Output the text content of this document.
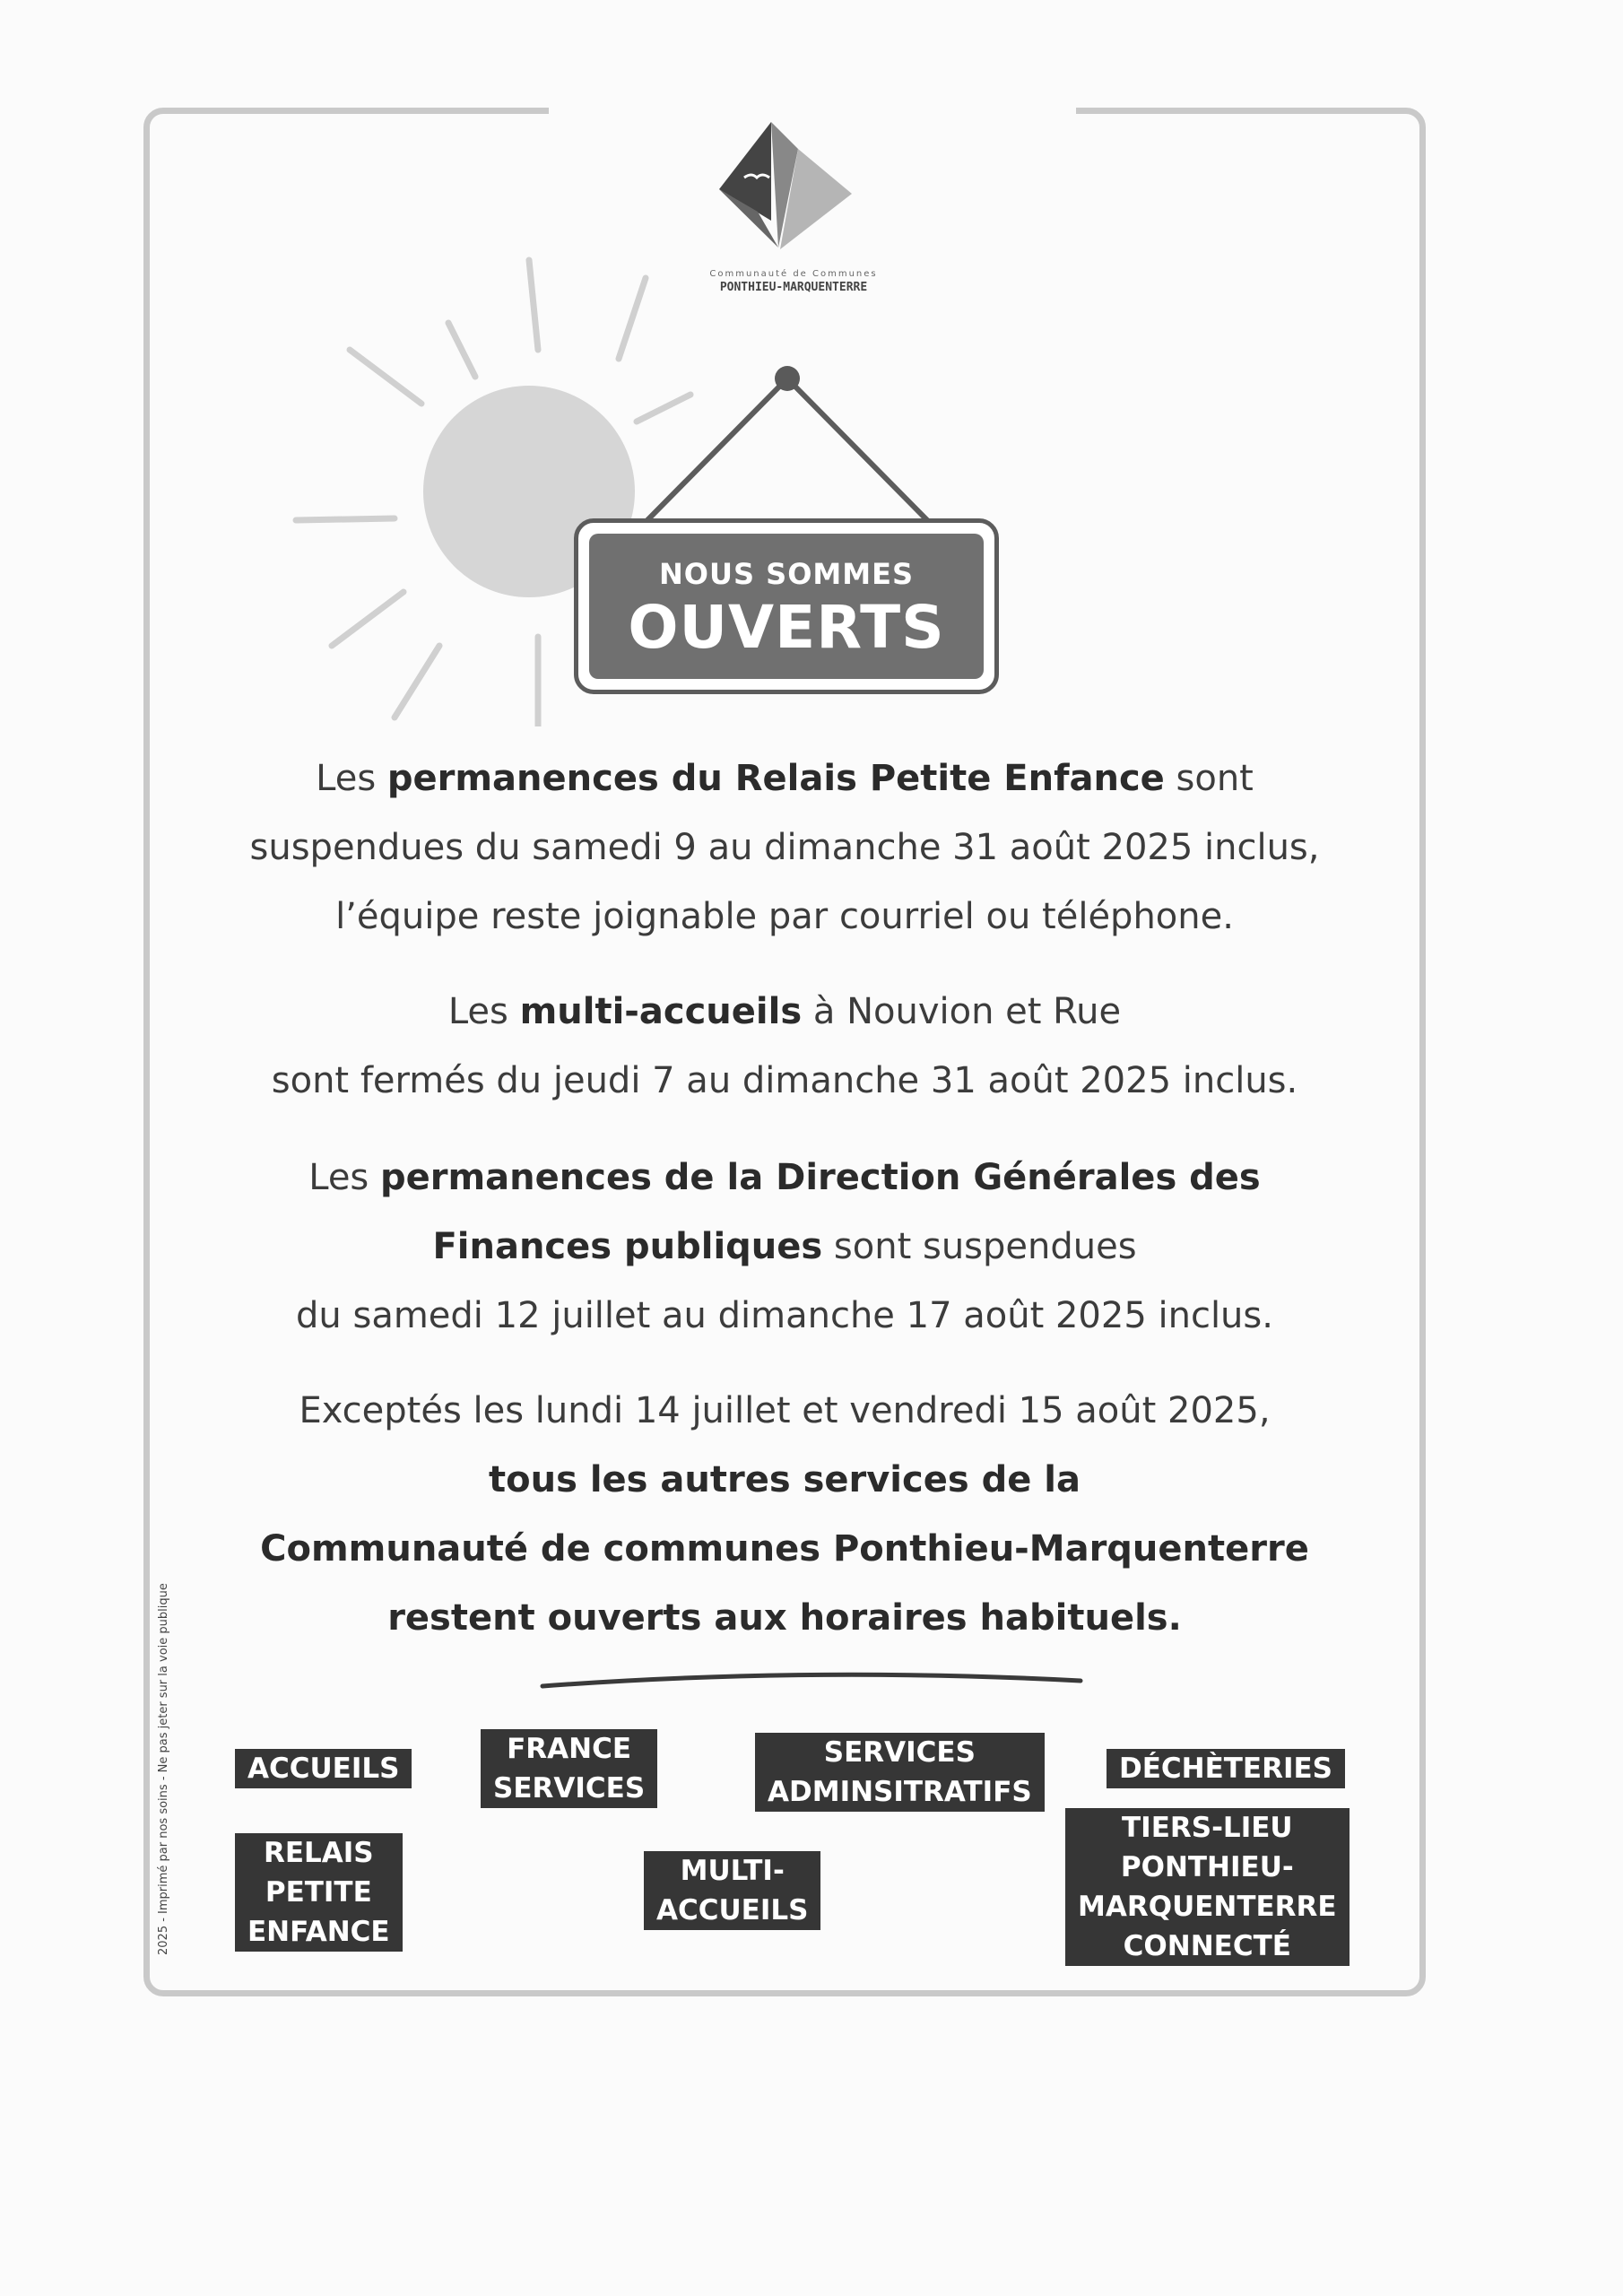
Communauté de Communes
PONTHIEU-MARQUENTERRE
NOUS SOMMES
OUVERTS
Les permanences du Relais Petite Enfance sont
suspendues du samedi 9 au dimanche 31 août 2025 inclus,
l’équipe reste joignable par courriel ou téléphone.
Les multi-accueils à Nouvion et Rue
sont fermés du jeudi 7 au dimanche 31 août 2025 inclus.
Les permanences de la Direction Générales des
Finances publiques sont suspendues
du samedi 12 juillet au dimanche 17 août 2025 inclus.
Exceptés les lundi 14 juillet et vendredi 15 août 2025,
tous les autres services de la
Communauté de communes Ponthieu-Marquenterre
restent ouverts aux horaires habituels.
ACCUEILS
FRANCE
SERVICES
SERVICES
ADMINSITRATIFS
DÉCHÈTERIES
RELAIS
PETITE
ENFANCE
MULTI-
ACCUEILS
TIERS-LIEU
PONTHIEU-
MARQUENTERRE
CONNECTÉ
2025 - Imprimé par nos soins - Ne pas jeter sur la voie publique
